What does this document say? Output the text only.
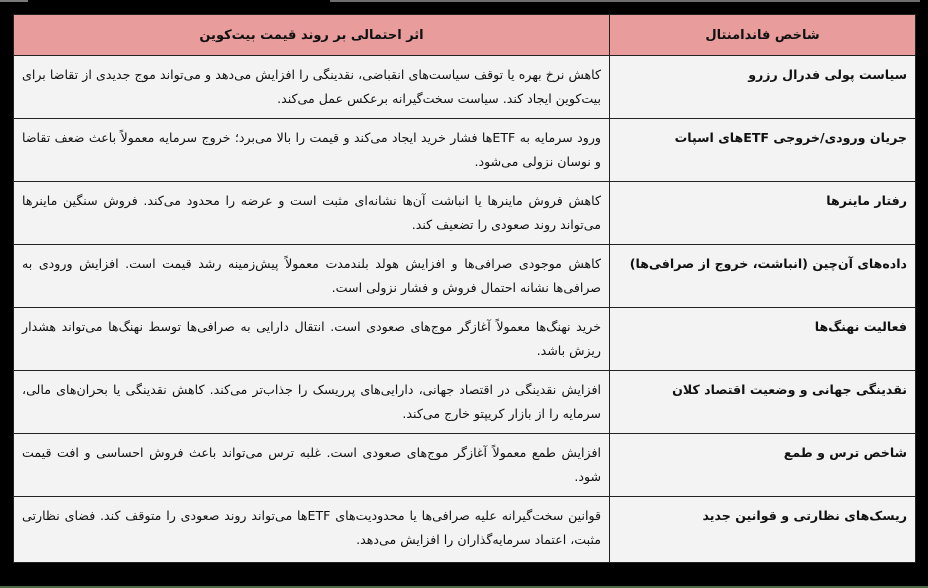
شاخص فاندامنتال	اثر احتمالی بر روند قیمت بیت‌کوین
سیاست پولی فدرال رزرو	کاهش نرخ بهره یا توقف سیاست‌های انقباضی، نقدینگی را افزایش می‌دهد و می‌تواند موج جدیدی از تقاضا برای بیت‌کوین ایجاد کند. سیاست سخت‌گیرانه برعکس عمل می‌کند.
جریان ورودی/خروجی ETFهای اسپات	ورود سرمایه به ETFها فشار خرید ایجاد می‌کند و قیمت را بالا می‌برد؛ خروج سرمایه معمولاً باعث ضعف تقاضا و نوسان نزولی می‌شود.
رفتار ماینرها	کاهش فروش ماینرها یا انباشت آن‌ها نشانه‌ای مثبت است و عرضه را محدود می‌کند. فروش سنگین ماینرها می‌تواند روند صعودی را تضعیف کند.
داده‌های آن‌چین (انباشت، خروج از صرافی‌ها)	کاهش موجودی صرافی‌ها و افزایش هولد بلندمدت معمولاً پیش‌زمینه رشد قیمت است. افزایش ورودی به صرافی‌ها نشانه احتمال فروش و فشار نزولی است.
فعالیت نهنگ‌ها	خرید نهنگ‌ها معمولاً آغازگر موج‌های صعودی است. انتقال دارایی به صرافی‌ها توسط نهنگ‌ها می‌تواند هشدار ریزش باشد.
نقدینگی جهانی و وضعیت اقتصاد کلان	افزایش نقدینگی در اقتصاد جهانی، دارایی‌های پرریسک را جذاب‌تر می‌کند. کاهش نقدینگی یا بحران‌های مالی، سرمایه را از بازار کریپتو خارج می‌کند.
شاخص ترس و طمع	افزایش طمع معمولاً آغازگر موج‌های صعودی است. غلبه ترس می‌تواند باعث فروش احساسی و افت قیمت شود.
ریسک‌های نظارتی و قوانین جدید	قوانین سخت‌گیرانه علیه صرافی‌ها یا محدودیت‌های ETFها می‌تواند روند صعودی را متوقف کند. فضای نظارتی مثبت، اعتماد سرمایه‌گذاران را افزایش می‌دهد.
